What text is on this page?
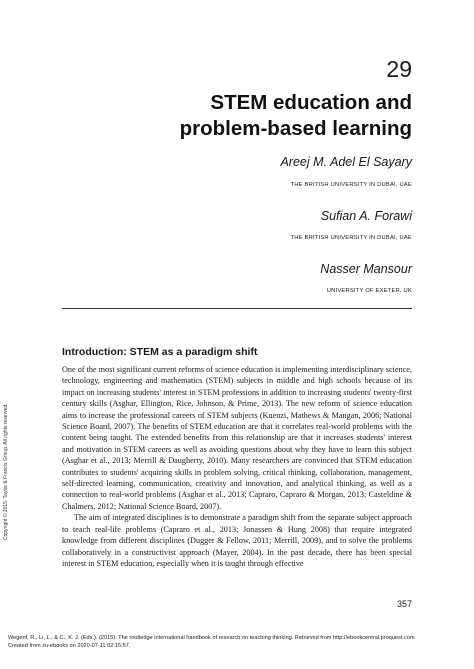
29
STEM education and
problem-based learning
Areej M. Adel El Sayary
THE BRITISH UNIVERSITY IN DUBAI, UAE
Sufian A. Forawi
THE BRITISH UNIVERSITY IN DUBAI, UAE
Nasser Mansour
UNIVERSITY OF EXETER, UK
Introduction: STEM as a paradigm shift

One of the most significant current reforms of science education is implementing interdisciplinary science, technology, engineering and mathematics (STEM) subjects in middle and high schools because of its impact on increasing students' interest in STEM professions in addition to increasing students' twenty-first century skills (Asghar, Ellington, Rice, Johnson, & Prime, 2013). The new reform of science education aims to increase the professional careers of STEM subjects (Kuenzi, Mathews & Mangan, 2006; National Science Board, 2007). The benefits of STEM education are that it correlates real-world problems with the content being taught. The extended benefits from this relationship are that it increases students' interest and motivation in STEM careers as well as avoiding questions about why they have to learn this subject (Asghar et al., 2013; Merrill & Daugherty, 2010). Many researchers are convinced that STEM education contributes to students' acquiring skills in problem solving, critical thinking, collaboration, management, self-directed learning, communication, creativity and innovation, and analytical thinking, as well as a connection to real-world problems (Asghar et al., 2013; Capraro, Capraro & Morgan, 2013; Casteldine & Chalmers, 2012; National Science Board, 2007).

The aim of integrated disciplines is to demonstrate a paradigm shift from the separate subject approach to teach real-life problems (Capraro et al., 2013; Jonassen & Hung 2008) that require integrated knowledge from different disciplines (Dugger & Fellow, 2011; Merrill, 2009), and to solve the problems collaboratively in a constructivist approach (Mayer, 2004). In the past decade, there has been special interest in STEM education, especially when it is taught through effective

357
Copyright © 2015. Taylor & Francis Group. All rights reserved.
Wegerif, R., Li, L., & C., K. J. (Eds.). (2015). The routledge international handbook of research on teaching thinking. Retrieved from http://ebookcentral.proquest.com
Created from zu-ebooks on 2020-07-11 02:15:57.
